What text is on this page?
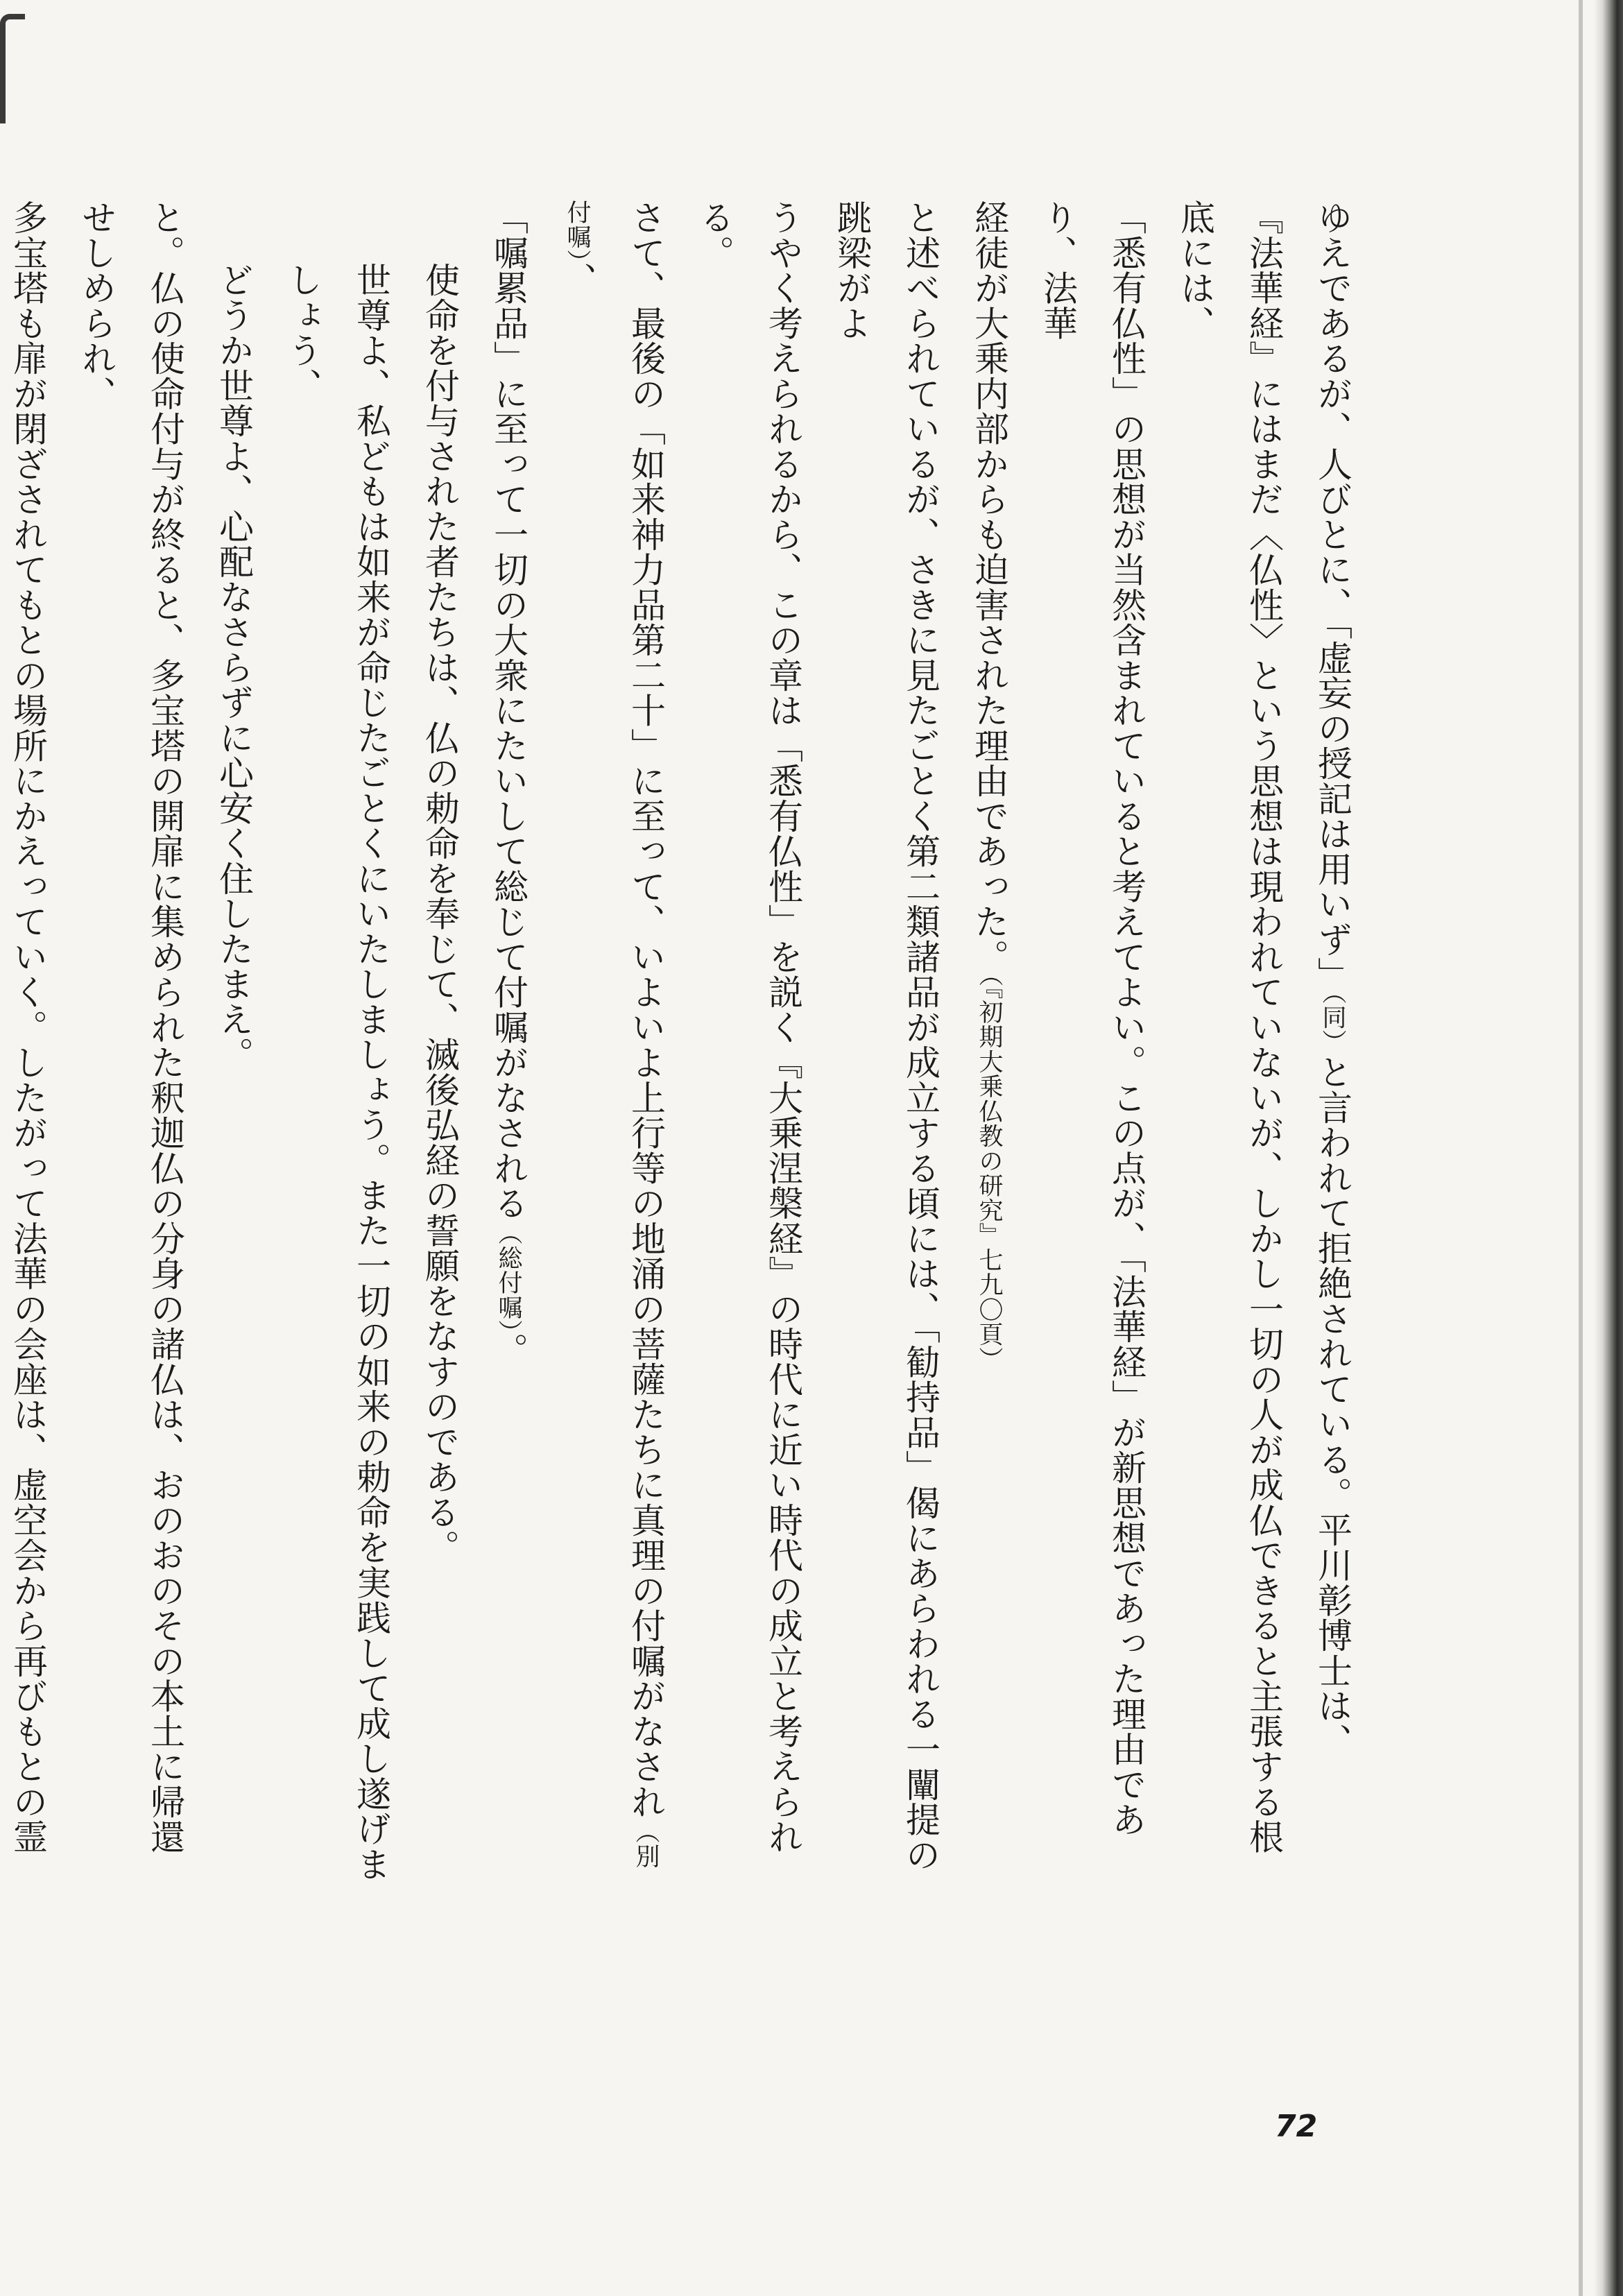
ゆえであるが、人びとに、「虚妄の授記は用いず」（同）と言われて拒絶されている。平川彰博士は、

『法華経』にはまだ〈仏性〉という思想は現われていないが、しかし一切の人が成仏できると主張する根底には、

「悉有仏性」の思想が当然含まれていると考えてよい。この点が、「法華経」が新思想であった理由であり、法華

経徒が大乗内部からも迫害された理由であった。（『初期大乗仏教の研究』七九〇頁）

と述べられているが、さきに見たごとく第二類諸品が成立する頃には、「勧持品」偈にあらわれる一闡提の跳梁がよ

うやく考えられるから、この章は「悉有仏性」を説く『大乗涅槃経』の時代に近い時代の成立と考えられる。

さて、最後の「如来神力品第二十」に至って、いよいよ上行等の地涌の菩薩たちに真理の付嘱がなされ（別付嘱）、

「嘱累品」に至って一切の大衆にたいして総じて付嘱がなされる（総付嘱）。

使命を付与された者たちは、仏の勅命を奉じて、滅後弘経の誓願をなすのである。

世尊よ、私どもは如来が命じたごとくにいたしましょう。また一切の如来の勅命を実践して成し遂げましょう、

どうか世尊よ、心配なさらずに心安く住したまえ。

と。仏の使命付与が終ると、多宝塔の開扉に集められた釈迦仏の分身の諸仏は、おのおのその本土に帰還せしめられ、

多宝塔も扉が閉ざされてもとの場所にかえっていく。したがって法華の会座は、虚空会から再びもとの霊

72
